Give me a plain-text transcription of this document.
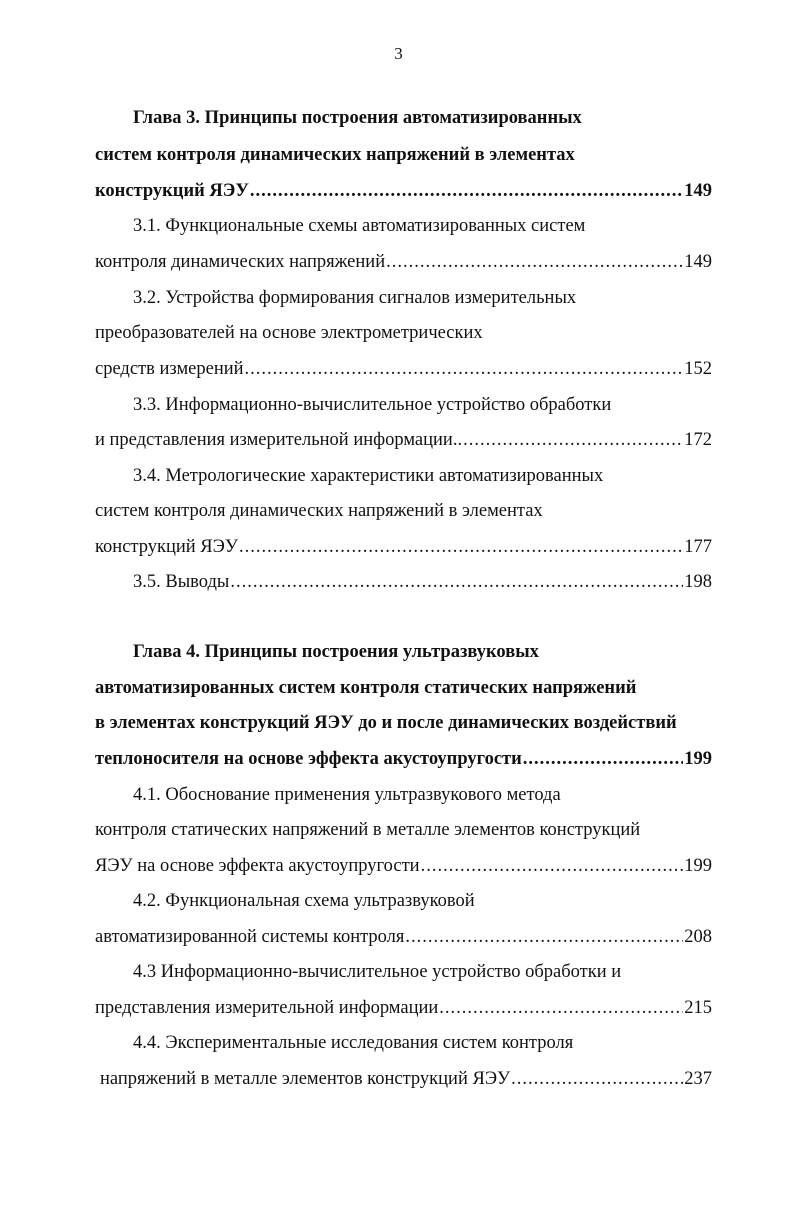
3
Глава 3. Принципы построения автоматизированных
систем контроля динамических напряжений в элементах
конструкций ЯЭУ .....	149
3.1. Функциональные схемы автоматизированных систем
контроля динамических напряжений .....	149
3.2. Устройства формирования сигналов измерительных
преобразователей на основе электрометрических
средств измерений .....	152
3.3. Информационно-вычислительное устройство обработки
и представления измерительной информации.. .....	172
3.4. Метрологические характеристики автоматизированных
систем контроля динамических напряжений в элементах
конструкций ЯЭУ .....	177
3.5. Выводы .....	198
Глава 4. Принципы построения ультразвуковых
автоматизированных систем контроля статических напряжений
в элементах конструкций ЯЭУ до и после динамических воздействий
теплоносителя на основе эффекта акустоупругости .....	199
4.1. Обоснование применения ультразвукового метода
контроля статических напряжений в металле элементов конструкций
ЯЭУ на основе эффекта акустоупругости .....	199
4.2. Функциональная схема ультразвуковой
автоматизированной системы контроля .....	208
4.3 Информационно-вычислительное устройство обработки и
представления измерительной информации .....	215
4.4. Экспериментальные исследования систем контроля
напряжений в металле элементов конструкций ЯЭУ .....	237
